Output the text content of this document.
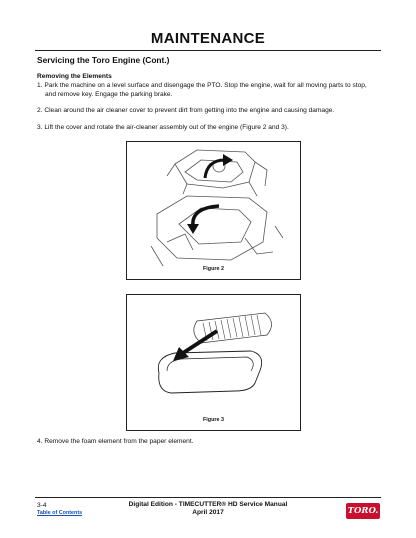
MAINTENANCE
Servicing the Toro Engine (Cont.)
Removing the Elements
1. Park the machine on a level surface and disengage the PTO. Stop the engine, wait for all moving parts to stop,
and remove key. Engage the parking brake.
2. Clean around the air cleaner cover to prevent dirt from getting into the engine and causing damage.
3. Lift the cover and rotate the air-cleaner assembly out of the engine (Figure 2 and 3).
Figure 2
Figure 3
4. Remove the foam element from the paper element.
3-4
Table of Contents
Digital Edition - TIMECUTTER® HD Service Manual
April 2017	TORO.
